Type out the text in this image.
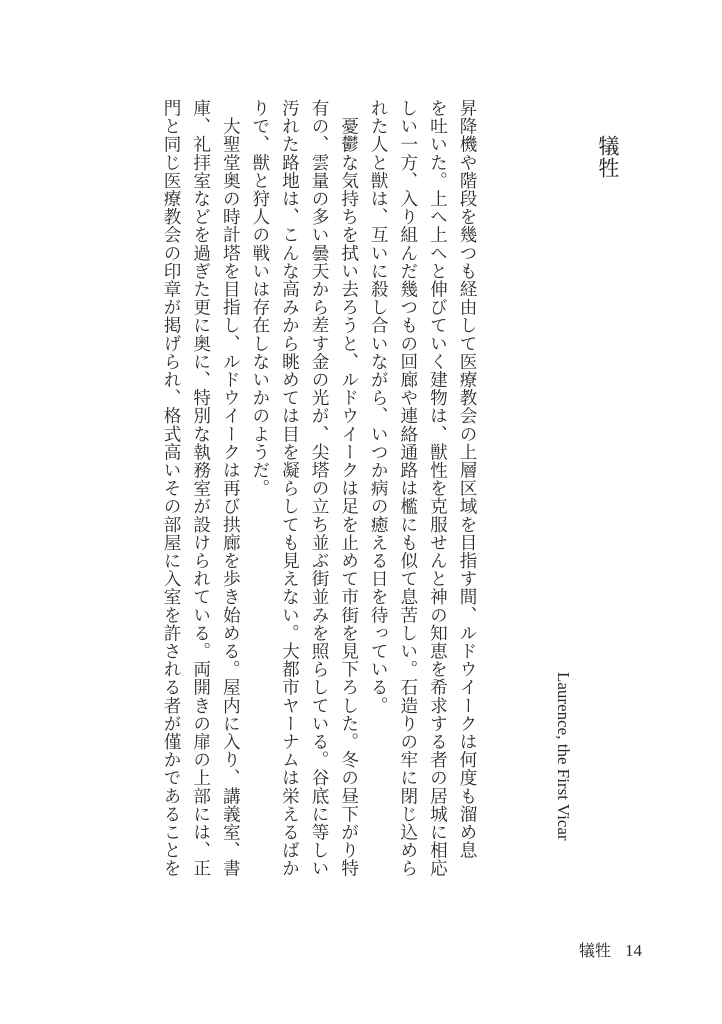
犠牲
Laurence, the First Vicar
昇降機や階段を幾つも経由して医療教会の上層区域を目指す間、ルドウイークは何度も溜め息
を吐いた。上へ上へと伸びていく建物は、獣性を克服せんと神の知恵を希求する者の居城に相応
しい一方、入り組んだ幾つもの回廊や連絡通路は檻にも似て息苦しい。石造りの牢に閉じ込めら
れた人と獣は、互いに殺し合いながら、いつか病の癒える日を待っている。
　憂鬱な気持ちを拭い去ろうと、ルドウイークは足を止めて市街を見下ろした。冬の昼下がり特
有の、雲量の多い曇天から差す金の光が、尖塔の立ち並ぶ街並みを照らしている。谷底に等しい
汚れた路地は、こんな高みから眺めては目を凝らしても見えない。大都市ヤーナムは栄えるばか
りで、獣と狩人の戦いは存在しないかのようだ。
　大聖堂奥の時計塔を目指し、ルドウイークは再び拱廊を歩き始める。屋内に入り、講義室、書
庫、礼拝室などを過ぎた更に奥に、特別な執務室が設けられている。両開きの扉の上部には、正
門と同じ医療教会の印章が掲げられ、格式高いその部屋に入室を許される者が僅かであることを
犠牲 14
